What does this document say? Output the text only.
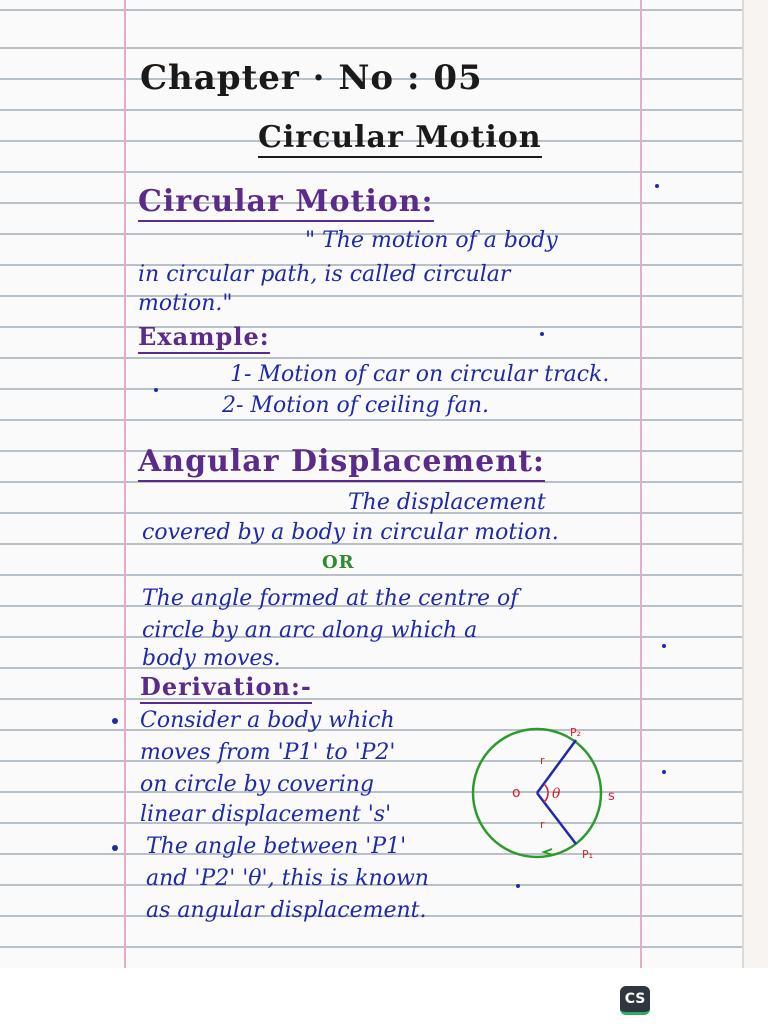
Chapter · No : 05
Circular Motion
Circular Motion:
" The motion of a body
in circular path, is called circular
motion."
Example:
1- Motion of car on circular track.
2- Motion of ceiling fan.
Angular Displacement:
The displacement
covered by a body in circular motion.
OR
The angle formed at the centre of
circle by an arc along which a
body moves.
Derivation:-
Consider a body which
moves from 'P1' to 'P2'
on circle by covering
linear displacement 's'
The angle between 'P1'
and 'P2' 'θ', this is known
as angular displacement.
P₂
P₁
o θ
r
r
s
CS
